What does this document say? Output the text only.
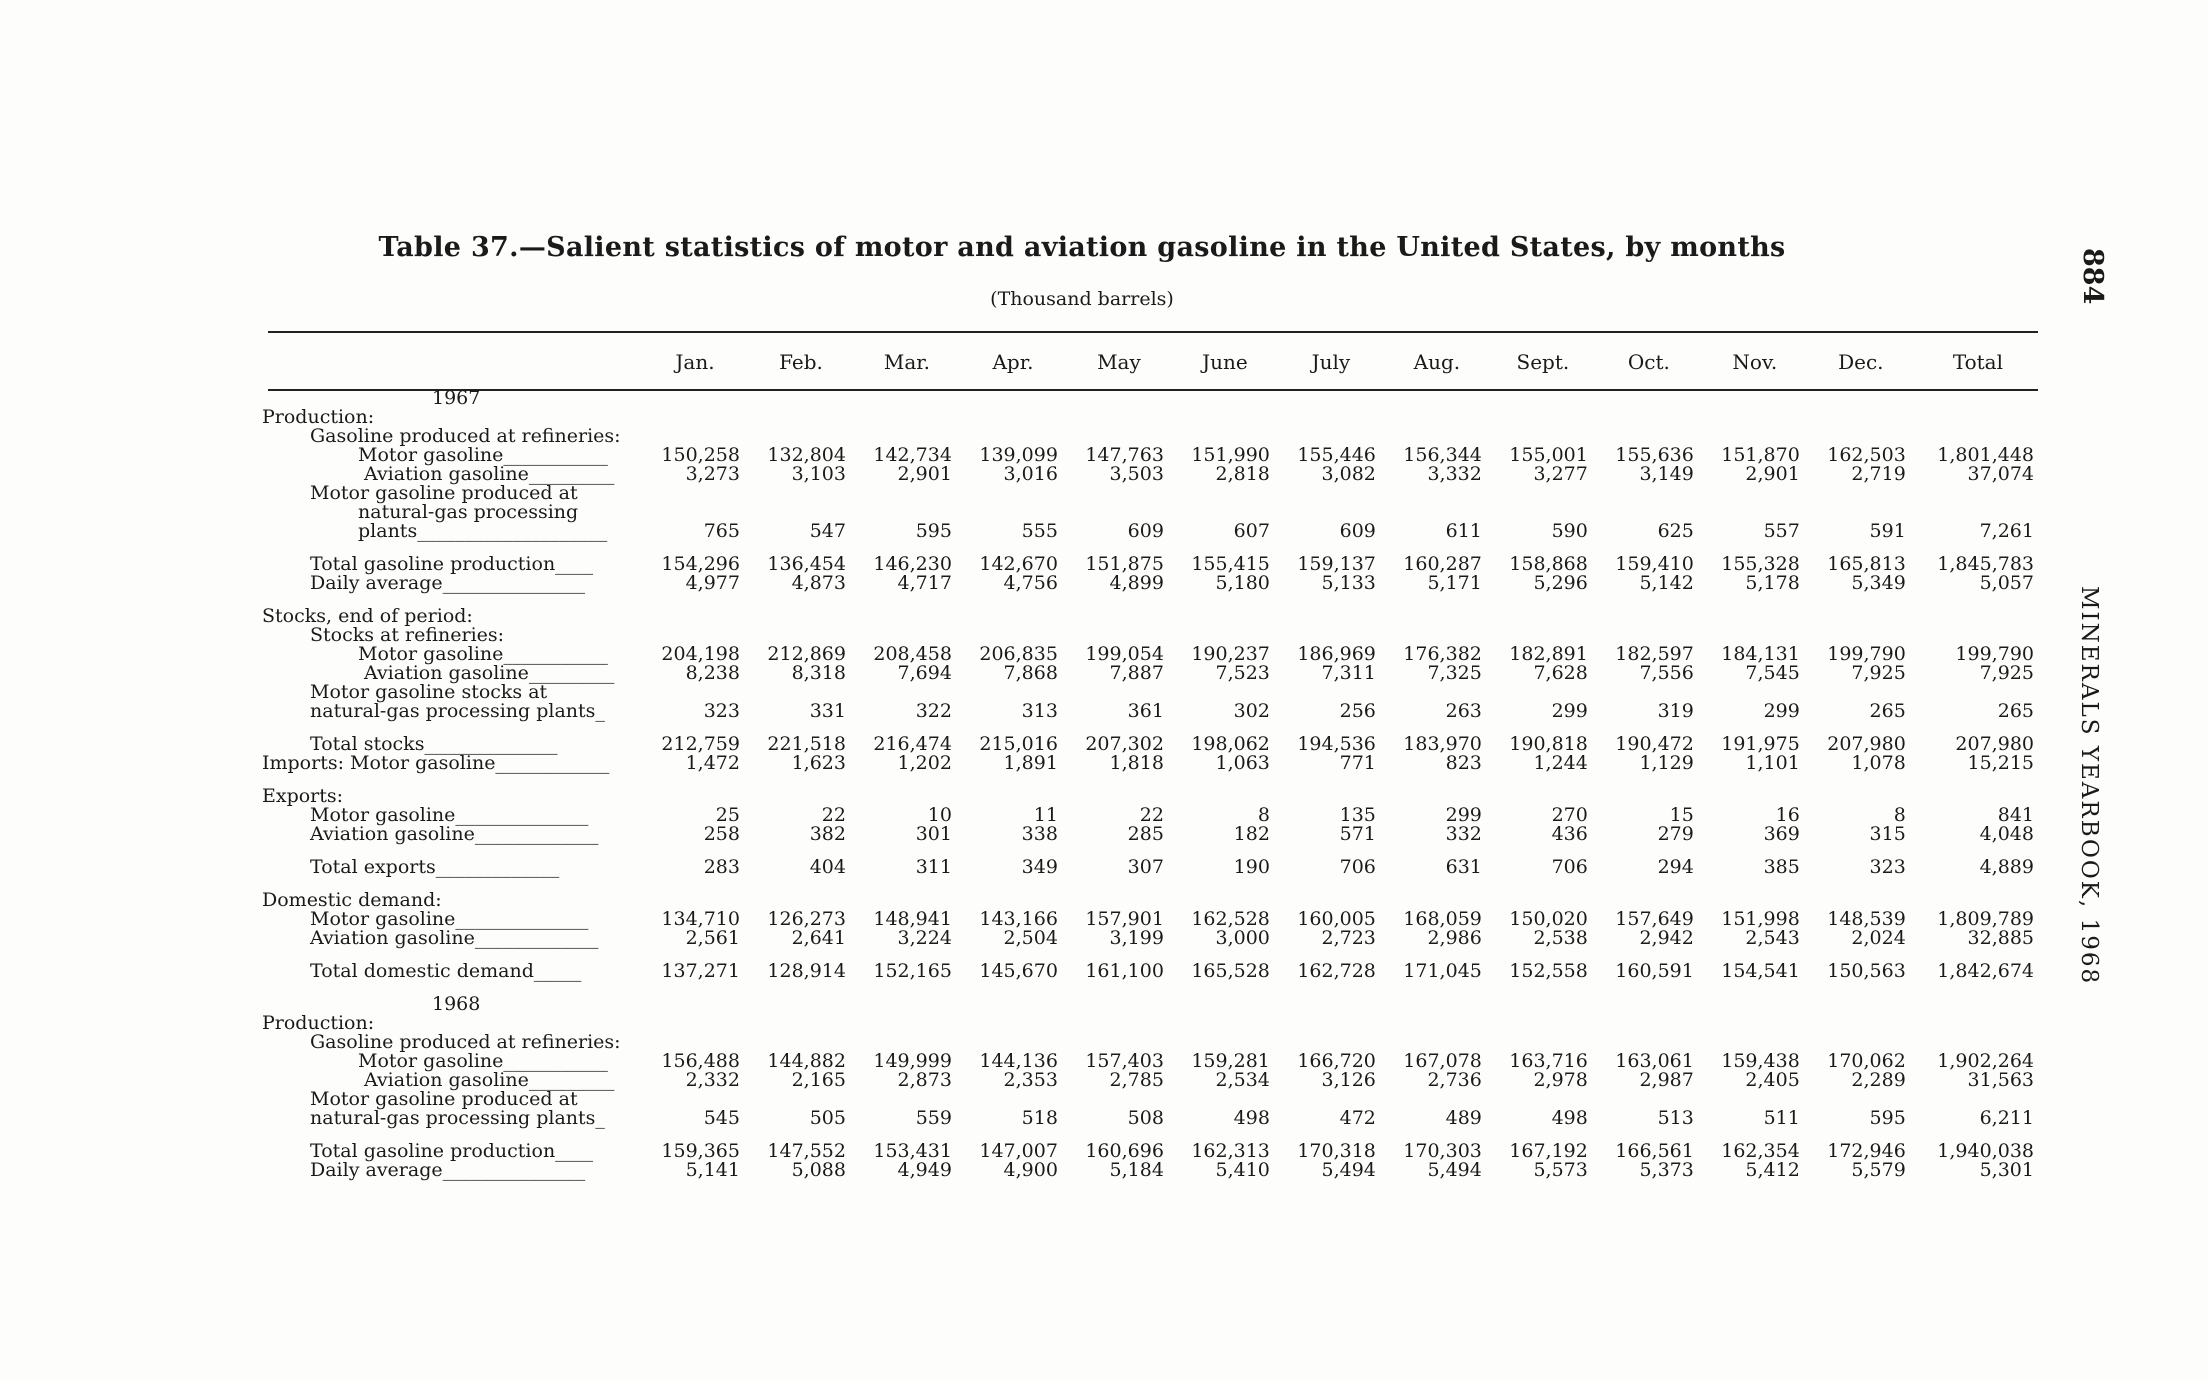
Table 37.—Salient statistics of motor and aviation gasoline in the United States, by months
(Thousand barrels)	884
MINERALS YEARBOOK, 1968
	Jan.	Feb.	Mar.	Apr.	May	June	July	Aug.	Sept.	Oct.	Nov.	Dec.	Total
1967													
Production:													
Gasoline produced at refineries:													
Motor gasoline___________	150,258	132,804	142,734	139,099	147,763	151,990	155,446	156,344	155,001	155,636	151,870	162,503	1,801,448
Aviation gasoline_________	3,273	3,103	2,901	3,016	3,503	2,818	3,082	3,332	3,277	3,149	2,901	2,719	37,074
Motor gasoline produced at													
natural-gas processing													
plants____________________	765	547	595	555	609	607	609	611	590	625	557	591	7,261

Total gasoline production____	154,296	136,454	146,230	142,670	151,875	155,415	159,137	160,287	158,868	159,410	155,328	165,813	1,845,783
Daily average_______________	4,977	4,873	4,717	4,756	4,899	5,180	5,133	5,171	5,296	5,142	5,178	5,349	5,057

Stocks, end of period:													
Stocks at refineries:													
Motor gasoline___________	204,198	212,869	208,458	206,835	199,054	190,237	186,969	176,382	182,891	182,597	184,131	199,790	199,790
Aviation gasoline_________	8,238	8,318	7,694	7,868	7,887	7,523	7,311	7,325	7,628	7,556	7,545	7,925	7,925
Motor gasoline stocks at													
natural-gas processing plants_	323	331	322	313	361	302	256	263	299	319	299	265	265

Total stocks______________	212,759	221,518	216,474	215,016	207,302	198,062	194,536	183,970	190,818	190,472	191,975	207,980	207,980
Imports: Motor gasoline____________	1,472	1,623	1,202	1,891	1,818	1,063	771	823	1,244	1,129	1,101	1,078	15,215

Exports:													
Motor gasoline______________	25	22	10	11	22	8	135	299	270	15	16	8	841
Aviation gasoline_____________	258	382	301	338	285	182	571	332	436	279	369	315	4,048

Total exports_____________	283	404	311	349	307	190	706	631	706	294	385	323	4,889

Domestic demand:													
Motor gasoline______________	134,710	126,273	148,941	143,166	157,901	162,528	160,005	168,059	150,020	157,649	151,998	148,539	1,809,789
Aviation gasoline_____________	2,561	2,641	3,224	2,504	3,199	3,000	2,723	2,986	2,538	2,942	2,543	2,024	32,885

Total domestic demand_____	137,271	128,914	152,165	145,670	161,100	165,528	162,728	171,045	152,558	160,591	154,541	150,563	1,842,674

1968													
Production:													
Gasoline produced at refineries:													
Motor gasoline___________	156,488	144,882	149,999	144,136	157,403	159,281	166,720	167,078	163,716	163,061	159,438	170,062	1,902,264
Aviation gasoline_________	2,332	2,165	2,873	2,353	2,785	2,534	3,126	2,736	2,978	2,987	2,405	2,289	31,563
Motor gasoline produced at													
natural-gas processing plants_	545	505	559	518	508	498	472	489	498	513	511	595	6,211

Total gasoline production____	159,365	147,552	153,431	147,007	160,696	162,313	170,318	170,303	167,192	166,561	162,354	172,946	1,940,038
Daily average_______________	5,141	5,088	4,949	4,900	5,184	5,410	5,494	5,494	5,573	5,373	5,412	5,579	5,301
